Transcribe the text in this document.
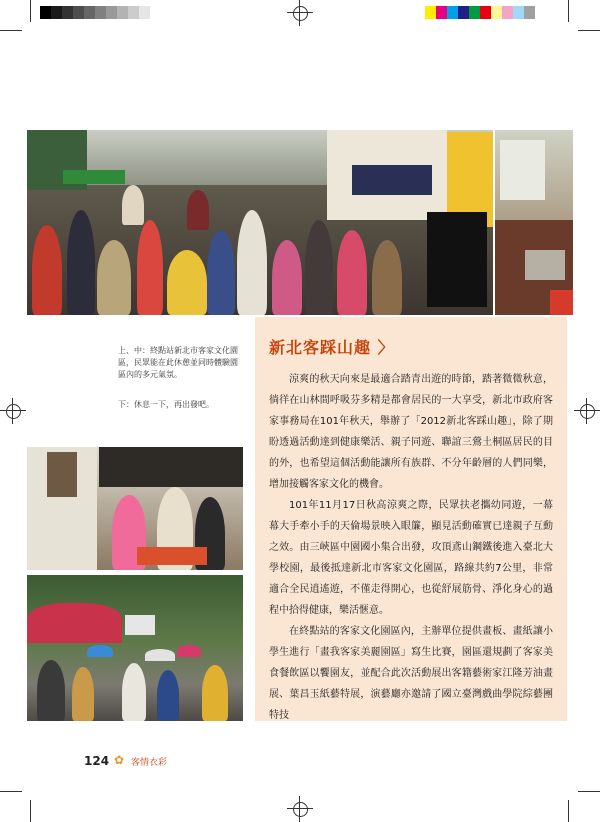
上、中：終點站新北市客家文化園區，民眾能在此休憩並同時體驗園區內的多元氣氛。
下：休息一下，再出發吧。
新北客踩山趣 〉

涼爽的秋天向來是最適合踏青出遊的時節，踏著微微秋意，徜徉在山林間呼吸芬多精是都會居民的一大享受，新北市政府客家事務局在101年秋天，舉辦了「2012新北客踩山趣」，除了期盼透過活動達到健康樂活、親子同遊、聯誼三鶯土桐區居民的目的外，也希望這個活動能讓所有族群、不分年齡層的人們同樂，增加接觸客家文化的機會。

101年11月17日秋高涼爽之際，民眾扶老攜幼同遊，一幕幕大手牽小手的天倫場景映入眼簾，顯見活動確實已達親子互動之效。由三峽區中園國小集合出發，攻頂鳶山鋼鐵後進入臺北大學校園，最後抵達新北市客家文化園區，路線共約7公里，非常適合全民逍遙遊，不僅走得開心，也從舒展筋骨、淨化身心的過程中拾得健康，樂活愜意。

在終點站的客家文化園區內，主辦單位提供畫板、畫紙讓小學生進行「畫我客家美麗園區」寫生比賽，園區還規劃了客家美食餐飲區以饗園友，並配合此次活動展出客籍藝術家江隆芳油畫展、葉昌玉紙藝特展，演藝廳亦邀請了國立臺灣戲曲學院綜藝團特技

124 ✿ 客情衣彩
